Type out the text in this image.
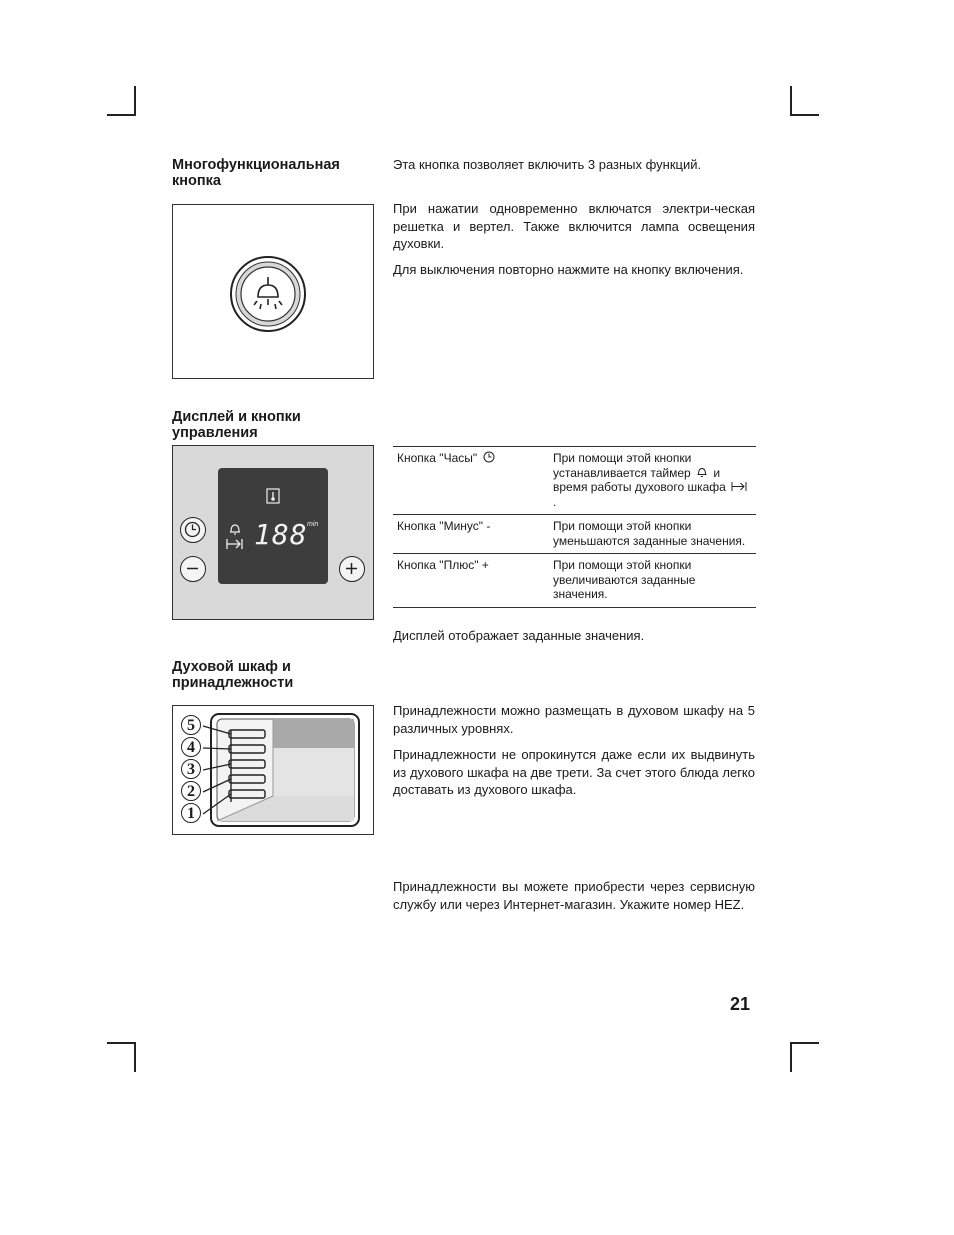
Многофункциональная кнопка

Эта кнопка позволяет включить 3 разных функций.

При нажатии одновременно включатся электри-ческая решетка и вертел. Также включится лампа освещения духовки.

Для выключения повторно нажмите на кнопку включения.

Дисплей и кнопки управления
188 min
Кнопка "Часы"	При помощи этой кнопки устанавливается таймер и время работы духового шкафа .
Кнопка "Минус" -	При помощи этой кнопки уменьшаются заданные значения.
Кнопка "Плюс" +	При помощи этой кнопки увеличиваются заданные значения.

Дисплей отображает заданные значения.

Духовой шкаф и принадлежности
5
4
3
2
1

Принадлежности можно размещать в духовом шкафу на 5 различных уровнях.

Принадлежности не опрокинутся даже если их выдвинуть из духового шкафа на две трети. За счет этого блюда легко доставать из духового шкафа.

Принадлежности вы можете приобрести через сервисную службу или через Интернет-магазин. Укажите номер HEZ.

21
